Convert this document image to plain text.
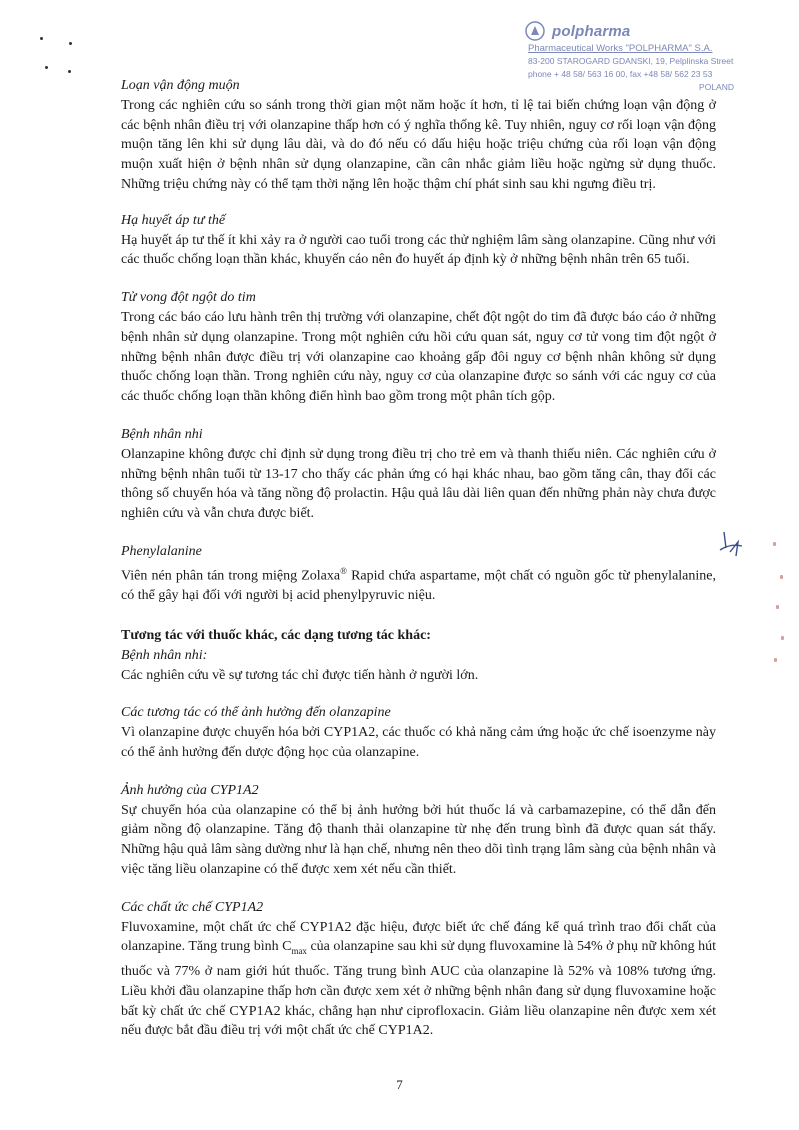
polpharma
Pharmaceutical Works "POLPHARMA" S.A.
83-200 STAROGARD GDANSKI, 19, Pelplinska Street
phone + 48 58/ 563 16 00, fax +48 58/ 562 23 53
POLAND

Loạn vận động muộn

Trong các nghiên cứu so sánh trong thời gian một năm hoặc ít hơn, tỉ lệ tai biến chứng loạn vận động ở các bệnh nhân điều trị với olanzapine thấp hơn có ý nghĩa thống kê. Tuy nhiên, nguy cơ rối loạn vận động muộn tăng lên khi sử dụng lâu dài, và do đó nếu có dấu hiệu hoặc triệu chứng của rối loạn vận động muộn xuất hiện ở bệnh nhân sử dụng olanzapine, cần cân nhắc giảm liều hoặc ngừng sử dụng thuốc. Những triệu chứng này có thể tạm thời nặng lên hoặc thậm chí phát sinh sau khi ngưng điều trị.

Hạ huyết áp tư thế

Hạ huyết áp tư thế ít khi xảy ra ở người cao tuổi trong các thử nghiệm lâm sàng olanzapine. Cũng như với các thuốc chống loạn thần khác, khuyến cáo nên đo huyết áp định kỳ ở những bệnh nhân trên 65 tuổi.

Tử vong đột ngột do tim

Trong các báo cáo lưu hành trên thị trường với olanzapine, chết đột ngột do tim đã được báo cáo ở những bệnh nhân sử dụng olanzapine. Trong một nghiên cứu hồi cứu quan sát, nguy cơ tử vong tim đột ngột ở những bệnh nhân được điều trị với olanzapine cao khoảng gấp đôi nguy cơ bệnh nhân không sử dụng thuốc chống loạn thần. Trong nghiên cứu này, nguy cơ của olanzapine được so sánh với các nguy cơ của các thuốc chống loạn thần không điển hình bao gồm trong một phân tích gộp.

Bệnh nhân nhi

Olanzapine không được chỉ định sử dụng trong điều trị cho trẻ em và thanh thiếu niên. Các nghiên cứu ở những bệnh nhân tuổi từ 13-17 cho thấy các phản ứng có hại khác nhau, bao gồm tăng cân, thay đổi các thông số chuyển hóa và tăng nồng độ prolactin. Hậu quả lâu dài liên quan đến những phản này chưa được nghiên cứu và vẫn chưa được biết.

Phenylalanine

Viên nén phân tán trong miệng Zolaxa® Rapid chứa aspartame, một chất có nguồn gốc từ phenylalanine, có thể gây hại đối với người bị acid phenylpyruvic niệu.

Tương tác với thuốc khác, các dạng tương tác khác:

Bệnh nhân nhi:

Các nghiên cứu về sự tương tác chỉ được tiến hành ở người lớn.

Các tương tác có thể ảnh hưởng đến olanzapine

Vì olanzapine được chuyển hóa bởi CYP1A2, các thuốc có khả năng cảm ứng hoặc ức chế isoenzyme này có thể ảnh hưởng đến dược động học của olanzapine.

Ảnh hưởng của CYP1A2

Sự chuyển hóa của olanzapine có thể bị ảnh hưởng bởi hút thuốc lá và carbamazepine, có thể dẫn đến giảm nồng độ olanzapine. Tăng độ thanh thải olanzapine từ nhẹ đến trung bình đã được quan sát thấy. Những hậu quả lâm sàng dường như là hạn chế, nhưng nên theo dõi tình trạng lâm sàng của bệnh nhân và việc tăng liều olanzapine có thể được xem xét nếu cần thiết.

Các chất ức chế CYP1A2

Fluvoxamine, một chất ức chế CYP1A2 đặc hiệu, được biết ức chế đáng kể quá trình trao đổi chất của olanzapine. Tăng trung bình $C_{max}$ của olanzapine sau khi sử dụng fluvoxamine là 54% ở phụ nữ không hút thuốc và 77% ở nam giới hút thuốc. Tăng trung bình AUC của olanzapine là 52% và 108% tương ứng. Liều khởi đầu olanzapine thấp hơn cần được xem xét ở những bệnh nhân đang sử dụng fluvoxamine hoặc bất kỳ chất ức chế CYP1A2 khác, chẳng hạn như ciprofloxacin. Giảm liều olanzapine nên được xem xét nếu được bắt đầu điều trị với một chất ức chế CYP1A2.

7
